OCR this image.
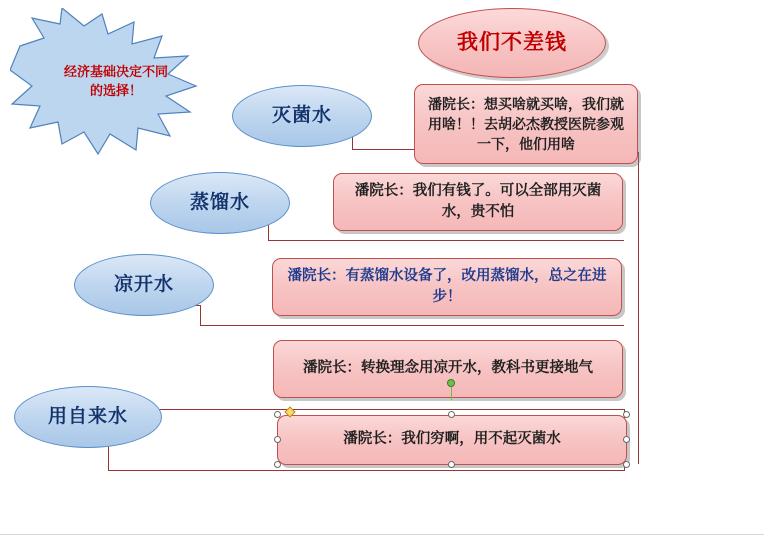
经济基础决定不同的选择！
灭菌水
蒸馏水
凉开水
用自来水
我们不差钱
潘院长：想买啥就买啥，我们就用啥！！去胡必杰教授医院参观一下，他们用啥
潘院长：我们有钱了。可以全部用灭菌水，贵不怕
潘院长：有蒸馏水设备了，改用蒸馏水，总之在进步！
潘院长：转换理念用凉开水，教科书更接地气
潘院长：我们穷啊，用不起灭菌水
